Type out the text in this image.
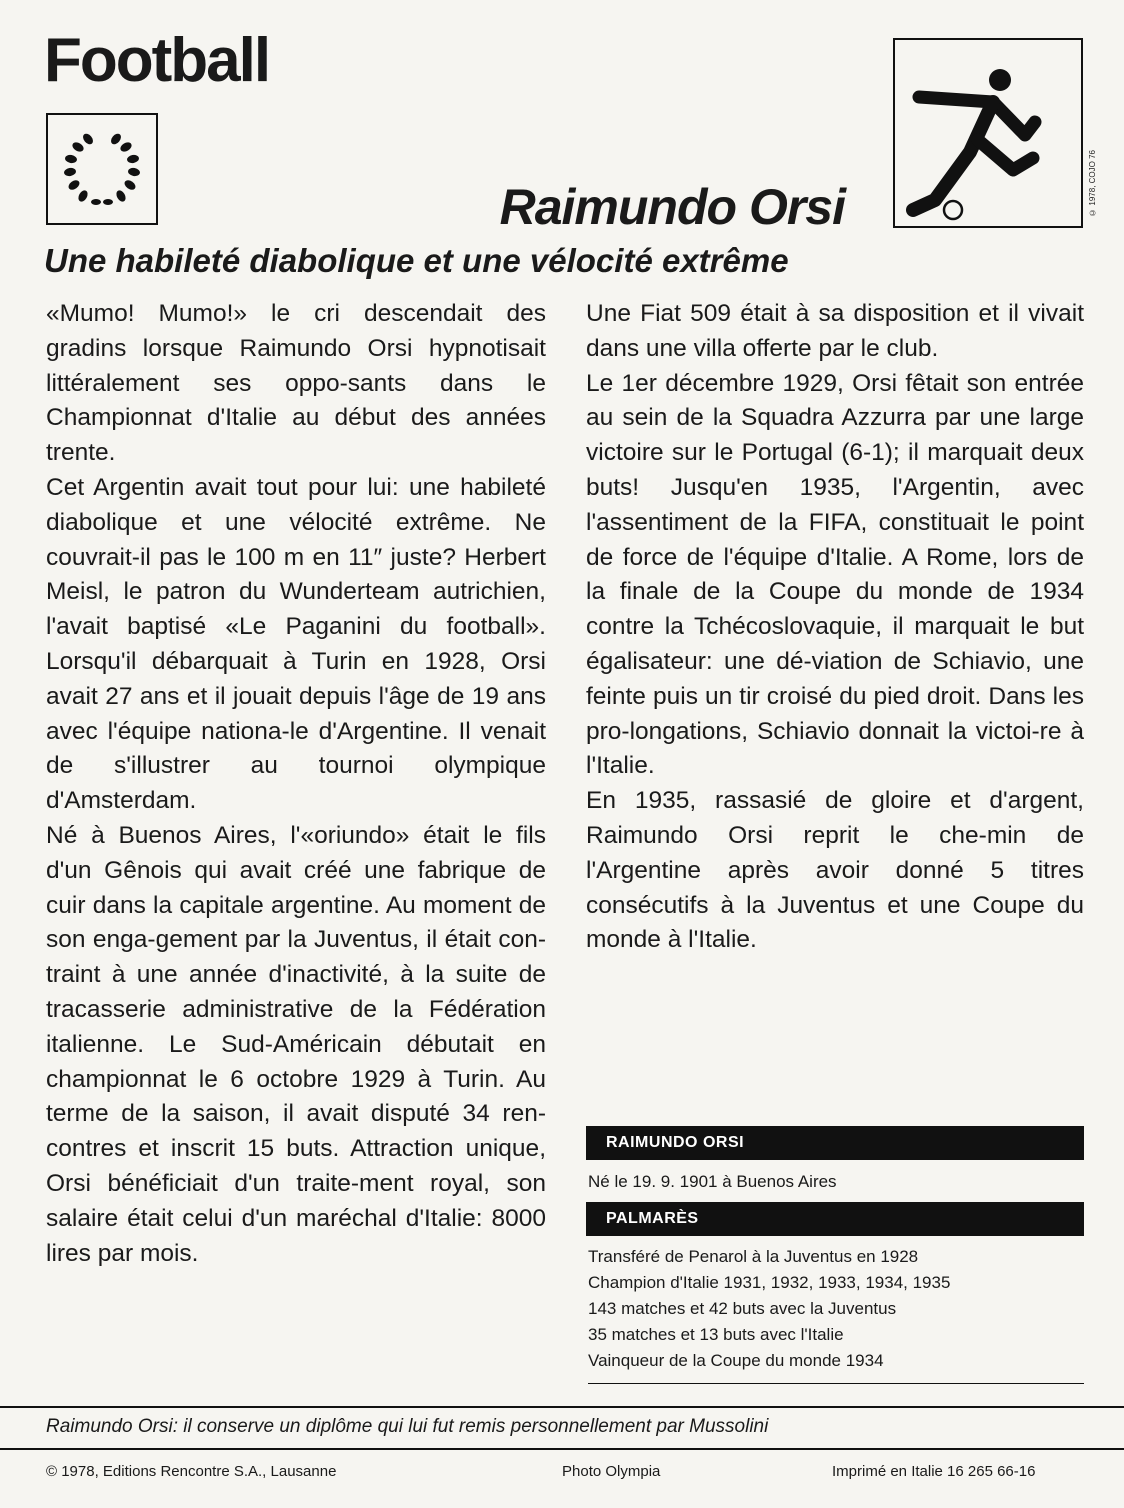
Football
© 1978, COJO 76
Raimundo Orsi
Une habileté diabolique et une vélocité extrême

«Mumo! Mumo!» le cri descendait des gradins lorsque Raimundo Orsi hypnotisait littéralement ses oppo-sants dans le Championnat d'Italie au début des années trente.

Cet Argentin avait tout pour lui: une habileté diabolique et une vélocité extrême. Ne couvrait-il pas le 100 m en 11″ juste? Herbert Meisl, le patron du Wunderteam autrichien, l'avait baptisé «Le Paganini du football». Lorsqu'il débarquait à Turin en 1928, Orsi avait 27 ans et il jouait depuis l'âge de 19 ans avec l'équipe nationa-le d'Argentine. Il venait de s'illustrer au tournoi olympique d'Amsterdam.

Né à Buenos Aires, l'«oriundo» était le fils d'un Gênois qui avait créé une fabrique de cuir dans la capitale argentine. Au moment de son enga-gement par la Juventus, il était con-traint à une année d'inactivité, à la suite de tracasserie administrative de la Fédération italienne. Le Sud-Américain débutait en championnat le 6 octobre 1929 à Turin. Au terme de la saison, il avait disputé 34 ren-contres et inscrit 15 buts. Attraction unique, Orsi bénéficiait d'un traite-ment royal, son salaire était celui d'un maréchal d'Italie: 8000 lires par mois.

Une Fiat 509 était à sa disposition et il vivait dans une villa offerte par le club.

Le 1er décembre 1929, Orsi fêtait son entrée au sein de la Squadra Azzurra par une large victoire sur le Portugal (6-1); il marquait deux buts! Jusqu'en 1935, l'Argentin, avec l'assentiment de la FIFA, constituait le point de force de l'équipe d'Italie. A Rome, lors de la finale de la Coupe du monde de 1934 contre la Tchécoslovaquie, il marquait le but égalisateur: une dé-viation de Schiavio, une feinte puis un tir croisé du pied droit. Dans les pro-longations, Schiavio donnait la victoi-re à l'Italie.

En 1935, rassasié de gloire et d'argent, Raimundo Orsi reprit le che-min de l'Argentine après avoir donné 5 titres consécutifs à la Juventus et une Coupe du monde à l'Italie.

RAIMUNDO ORSI
Né le 19. 9. 1901 à Buenos Aires
PALMARÈS
Transféré de Penarol à la Juventus en 1928
Champion d'Italie 1931, 1932, 1933, 1934, 1935
143 matches et 42 buts avec la Juventus
35 matches et 13 buts avec l'Italie
Vainqueur de la Coupe du monde 1934
Raimundo Orsi: il conserve un diplôme qui lui fut remis personnellement par Mussolini
© 1978, Editions Rencontre S.A., Lausanne	Photo Olympia	Imprimé en Italie 16 265 66-16
